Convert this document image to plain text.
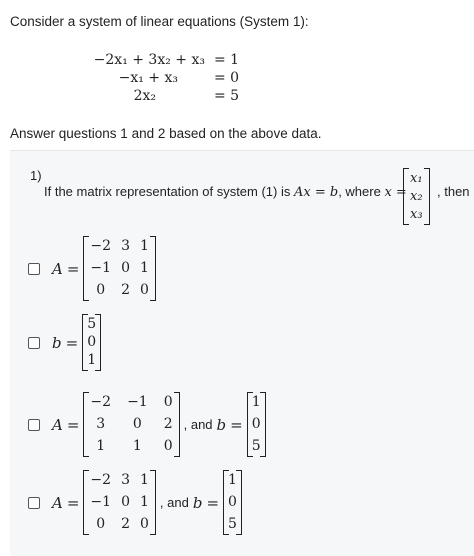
Consider a system of linear equations (System 1):
−2x₁ + 3x₂ + x₃ = 1
−x₁ + x₃	= 0
2x₂	= 5
Answer questions 1 and 2 based on the above data.
1)
If the matrix representation of system (1) is Ax = b, where x =
x₁
x₂
x₃
, then
A =
−2 3 1
−1 0 1
0	2 0
b =
5
0
1
A =
−2 −1 0
3	0	2
1	1	0
, and b =
1
0
5
A =
−2 3 1
−1 0 1
0	2 0
, and b =
1
0
5
